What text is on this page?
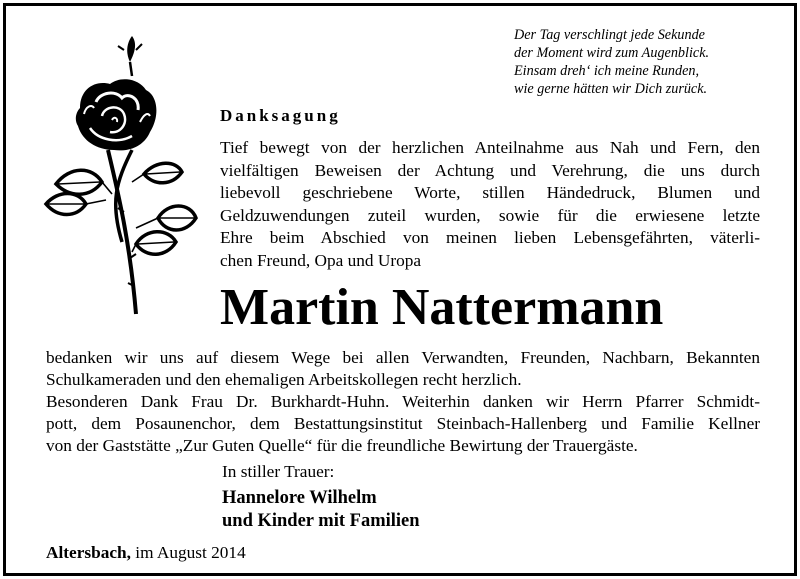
Der Tag verschlingt jede Sekunde
der Moment wird zum Augenblick.
Einsam dreh‘ ich meine Runden,
wie gerne hätten wir Dich zurück.
Danksagung
Tief bewegt von der herzlichen Anteilnahme aus Nah und Fern, den
vielfältigen Beweisen der Achtung und Verehrung, die uns durch
liebevoll geschriebene Worte, stillen Händedruck, Blumen und
Geldzuwendungen zuteil wurden, sowie für die erwiesene letzte
Ehre beim Abschied von meinen lieben Lebensgefährten, väterli-
chen Freund, Opa und Uropa
Martin Nattermann
bedanken wir uns auf diesem Wege bei allen Verwandten, Freunden, Nachbarn, Bekannten
Schulkameraden und den ehemaligen Arbeitskollegen recht herzlich.
Besonderen Dank Frau Dr. Burkhardt-Huhn. Weiterhin danken wir Herrn Pfarrer Schmidt-
pott, dem Posaunenchor, dem Bestattungsinstitut Steinbach-Hallenberg und Familie Kellner
von der Gaststätte „Zur Guten Quelle“ für die freundliche Bewirtung der Trauergäste.
In stiller Trauer:
Hannelore Wilhelm
und Kinder mit Familien
Altersbach, im August 2014
